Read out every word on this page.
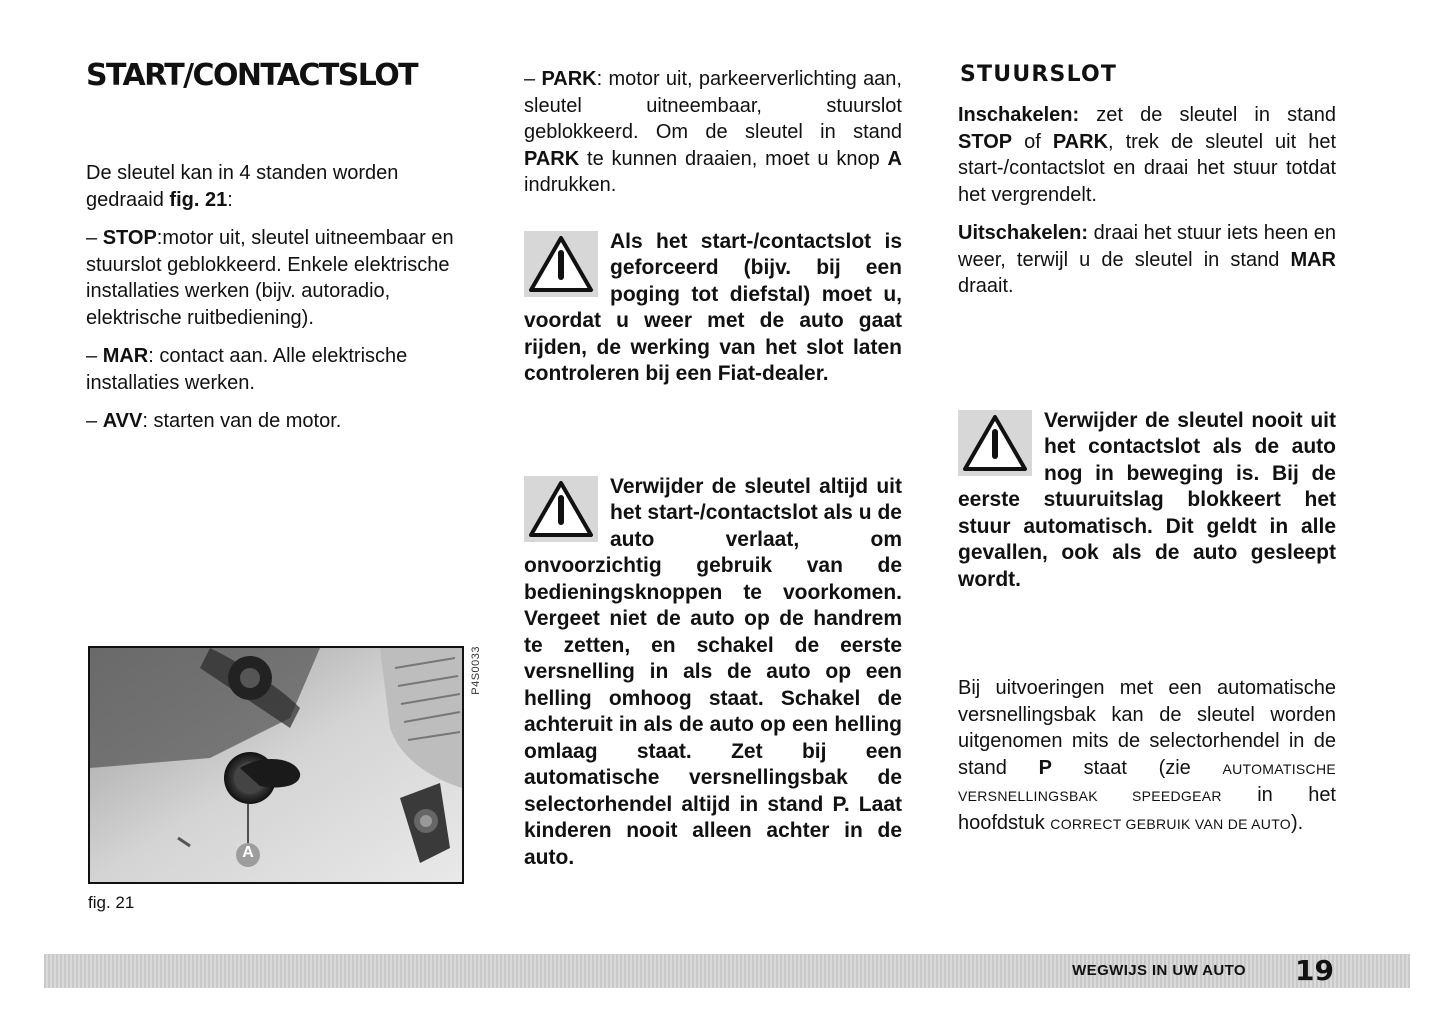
START/CONTACTSLOT

De sleutel kan in 4 standen worden gedraaid fig. 21:

– STOP:motor uit, sleutel uitneembaar en stuurslot geblokkeerd. Enkele elektrische installaties werken (bijv. autoradio, elektrische ruitbediening).

– MAR: contact aan. Alle elektrische installaties werken.

– AVV: starten van de motor.

A
P4S0033
fig. 21

– PARK: motor uit, parkeerverlichting aan, sleutel uitneembaar, stuurslot geblokkeerd. Om de sleutel in stand PARK te kunnen draaien, moet u knop A indrukken.

Als het start-/contactslot is geforceerd (bijv. bij een poging tot diefstal) moet u, voordat u weer met de auto gaat rijden, de werking van het slot laten controleren bij een Fiat-dealer.

Verwijder de sleutel altijd uit het start-/contactslot als u de auto verlaat, om onvoorzichtig gebruik van de bedieningsknoppen te voorkomen. Vergeet niet de auto op de handrem te zetten, en schakel de eerste versnelling in als de auto op een helling omhoog staat. Schakel de achteruit in als de auto op een helling omlaag staat. Zet bij een automatische versnellingsbak de selectorhendel altijd in stand P. Laat kinderen nooit alleen achter in de auto.

STUURSLOT

Inschakelen: zet de sleutel in stand STOP of PARK, trek de sleutel uit het start-/contactslot en draai het stuur totdat het vergrendelt.

Uitschakelen: draai het stuur iets heen en weer, terwijl u de sleutel in stand MAR draait.

Verwijder de sleutel nooit uit het contactslot als de auto nog in beweging is. Bij de eerste stuuruitslag blokkeert het stuur automatisch. Dit geldt in alle gevallen, ook als de auto gesleept wordt.

Bij uitvoeringen met een automatische versnellingsbak kan de sleutel worden uitgenomen mits de selectorhendel in de stand P staat (zie AUTOMATISCHE VERSNELLINGSBAK SPEEDGEAR in het hoofdstuk CORRECT GEBRUIK VAN DE AUTO).

WEGWIJS IN UW AUTO 19
